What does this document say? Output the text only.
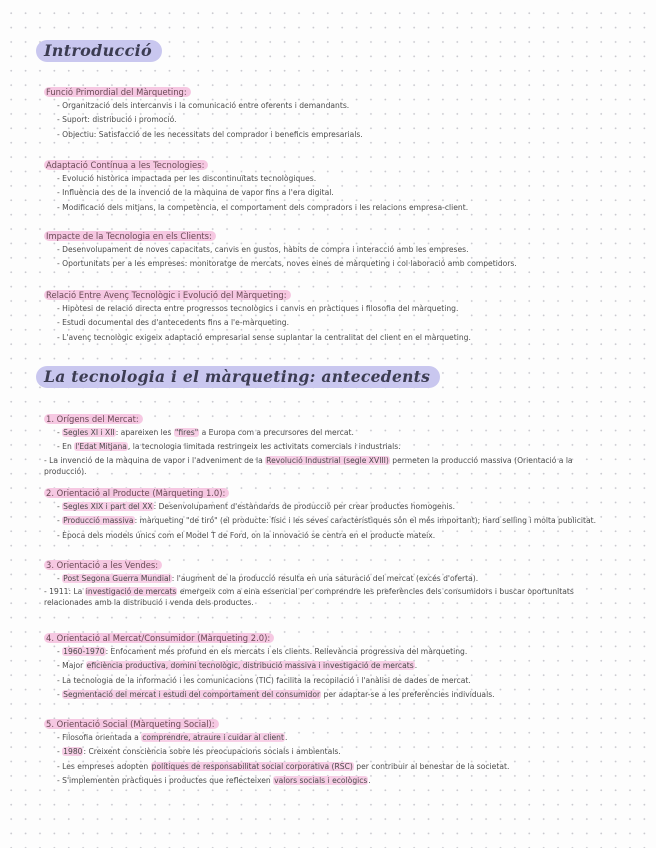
Introducció
Funció Primordial del Màrqueting:
- Organització dels intercanvis i la comunicació entre oferents i demandants.
- Suport: distribució i promoció.
- Objectiu: Satisfacció de les necessitats del comprador i beneficis empresarials.
Adaptació Contínua a les Tecnologies:
- Evolució històrica impactada per les discontinuïtats tecnològiques.
- Influència des de la invenció de la màquina de vapor fins a l'era digital.
- Modificació dels mitjans, la competència, el comportament dels compradors i les relacions empresa-client.
Impacte de la Tecnologia en els Clients:
- Desenvolupament de noves capacitats, canvis en gustos, hàbits de compra i interacció amb les empreses.
- Oportunitats per a les empreses: monitoratge de mercats, noves eines de màrqueting i col·laboració amb competidors.
Relació Entre Avenç Tecnològic i Evolució del Màrqueting:
- Hipòtesi de relació directa entre progressos tecnològics i canvis en pràctiques i filosofia del màrqueting.
- Estudi documental des d'antecedents fins a l'e-màrqueting.
- L'avenç tecnològic exigeix adaptació empresarial sense suplantar la centralitat del client en el màrqueting.
La tecnologia i el màrqueting: antecedents
1. Orígens del Mercat:
- Segles XI i XII: apareixen les "fires" a Europa com a precursores del mercat.
- En l'Edat Mitjana, la tecnologia limitada restringeix les activitats comercials i industrials.
- La invenció de la màquina de vapor i l'adveniment de la Revolució Industrial (segle XVIII) permeten la producció massiva (Orientació a la producció).
2. Orientació al Producte (Màrqueting 1.0):
- Segles XIX i part del XX: Desenvolupament d'estàndards de producció per crear productes homogenis.
- Producció massiva: màrqueting "de tiró" (el producte: físic i les seves característiques són el més important); hard selling i molta publicitat.
- Època dels models únics com el Model T de Ford, on la innovació se centra en el producte mateix.
3. Orientació a les Vendes:
- Post Segona Guerra Mundial: l'augment de la producció resulta en una saturació del mercat (excés d'oferta).
- 1911: La investigació de mercats emergeix com a eina essencial per comprendre les preferències dels consumidors i buscar oportunitats relacionades amb la distribució i venda dels productes.
4. Orientació al Mercat/Consumidor (Màrqueting 2.0):
- 1960-1970: Enfocament més profund en els mercats i els clients. Rellevància progressiva del màrqueting.
- Major eficiència productiva, domini tecnològic, distribució massiva i investigació de mercats.
- La tecnologia de la informació i les comunicacions (TIC) facilita la recopilació i l'anàlisi de dades de mercat.
- Segmentació del mercat i estudi del comportament del consumidor per adaptar-se a les preferències individuals.
5. Orientació Social (Màrqueting Social):
- Filosofia orientada a comprendre, atraure i cuidar al client.
- 1980: Creixent consciència sobre les preocupacions socials i ambientals.
- Les empreses adopten polítiques de responsabilitat social corporativa (RSC) per contribuir al benestar de la societat.
- S'implementen pràctiques i productes que reflecteixen valors socials i ecològics.
